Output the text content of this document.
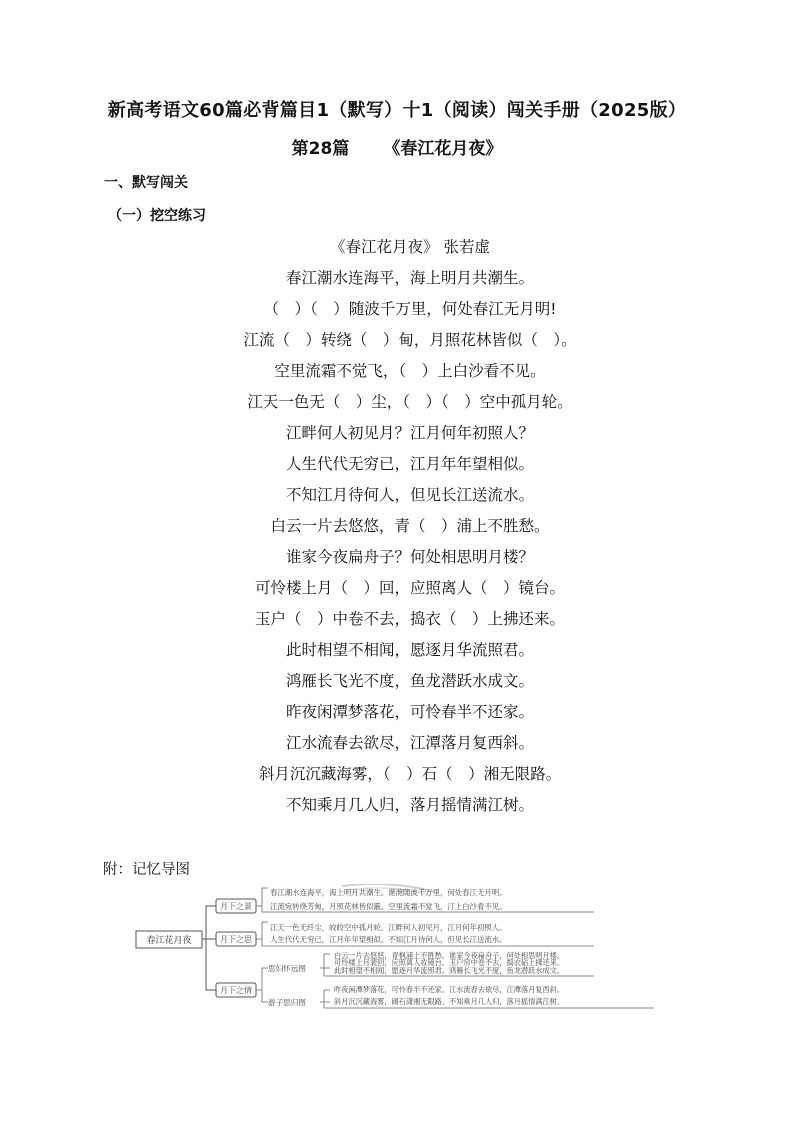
新高考语文60篇必背篇目1（默写）十1（阅读）闯关手册（2025版）
第28篇 《春江花月夜》
一、默写闯关
（一）挖空练习
《春江花月夜》 张若虚
春江潮水连海平，海上明月共潮生。
（　）（　）随波千万里，何处春江无月明!
江流（　）转绕（　）甸，月照花林皆似（　）。
空里流霜不觉飞，（　）上白沙看不见。
江天一色无（　）尘，（　）（　）空中孤月轮。
江畔何人初见月？江月何年初照人？
人生代代无穷已，江月年年望相似。
不知江月待何人，但见长江送流水。
白云一片去悠悠，青（　）浦上不胜愁。
谁家今夜扁舟子？何处相思明月楼？
可怜楼上月（　）回，应照离人（　）镜台。
玉户（　）中卷不去，捣衣（　）上拂还来。
此时相望不相闻，愿逐月华流照君。
鸿雁长飞光不度，鱼龙潜跃水成文。
昨夜闲潭梦落花，可怜春半不还家。
江水流春去欲尽，江潭落月复西斜。
斜月沉沉藏海雾，（　）石（　）湘无限路。
不知乘月几人归，落月摇情满江树。
附：记忆导图
春江花月夜
月下之景
春江潮水连海平，海上明月共潮生。滟滟随波千万里，何处春江无月明。
江流宛转绕芳甸，月照花林皆似霰。空里流霜不觉飞，汀上白沙看不见。
月下之思
江天一色无纤尘，皎皎空中孤月轮。江畔何人初见月，江月何年初照人。
人生代代无穷已，江月年年望相似。不知江月待何人，但见长江送流水。
月下之情
思妇怀远图
白云一片去悠悠，青枫浦上不胜愁。谁家今夜扁舟子，何处相思明月楼。
可怜楼上月裴回，应照离人妆镜台。玉户帘中卷不去，捣衣砧上拂还来。
此时相望不相闻，愿逐月华流照君。鸿雁长飞光不度，鱼龙潜跃水成文。
游子思归图
昨夜闲潭梦落花，可怜春半不还家。江水流春去欲尽，江潭落月复西斜。
斜月沉沉藏海雾，碣石潇湘无限路。不知乘月几人归，落月摇情满江树。
